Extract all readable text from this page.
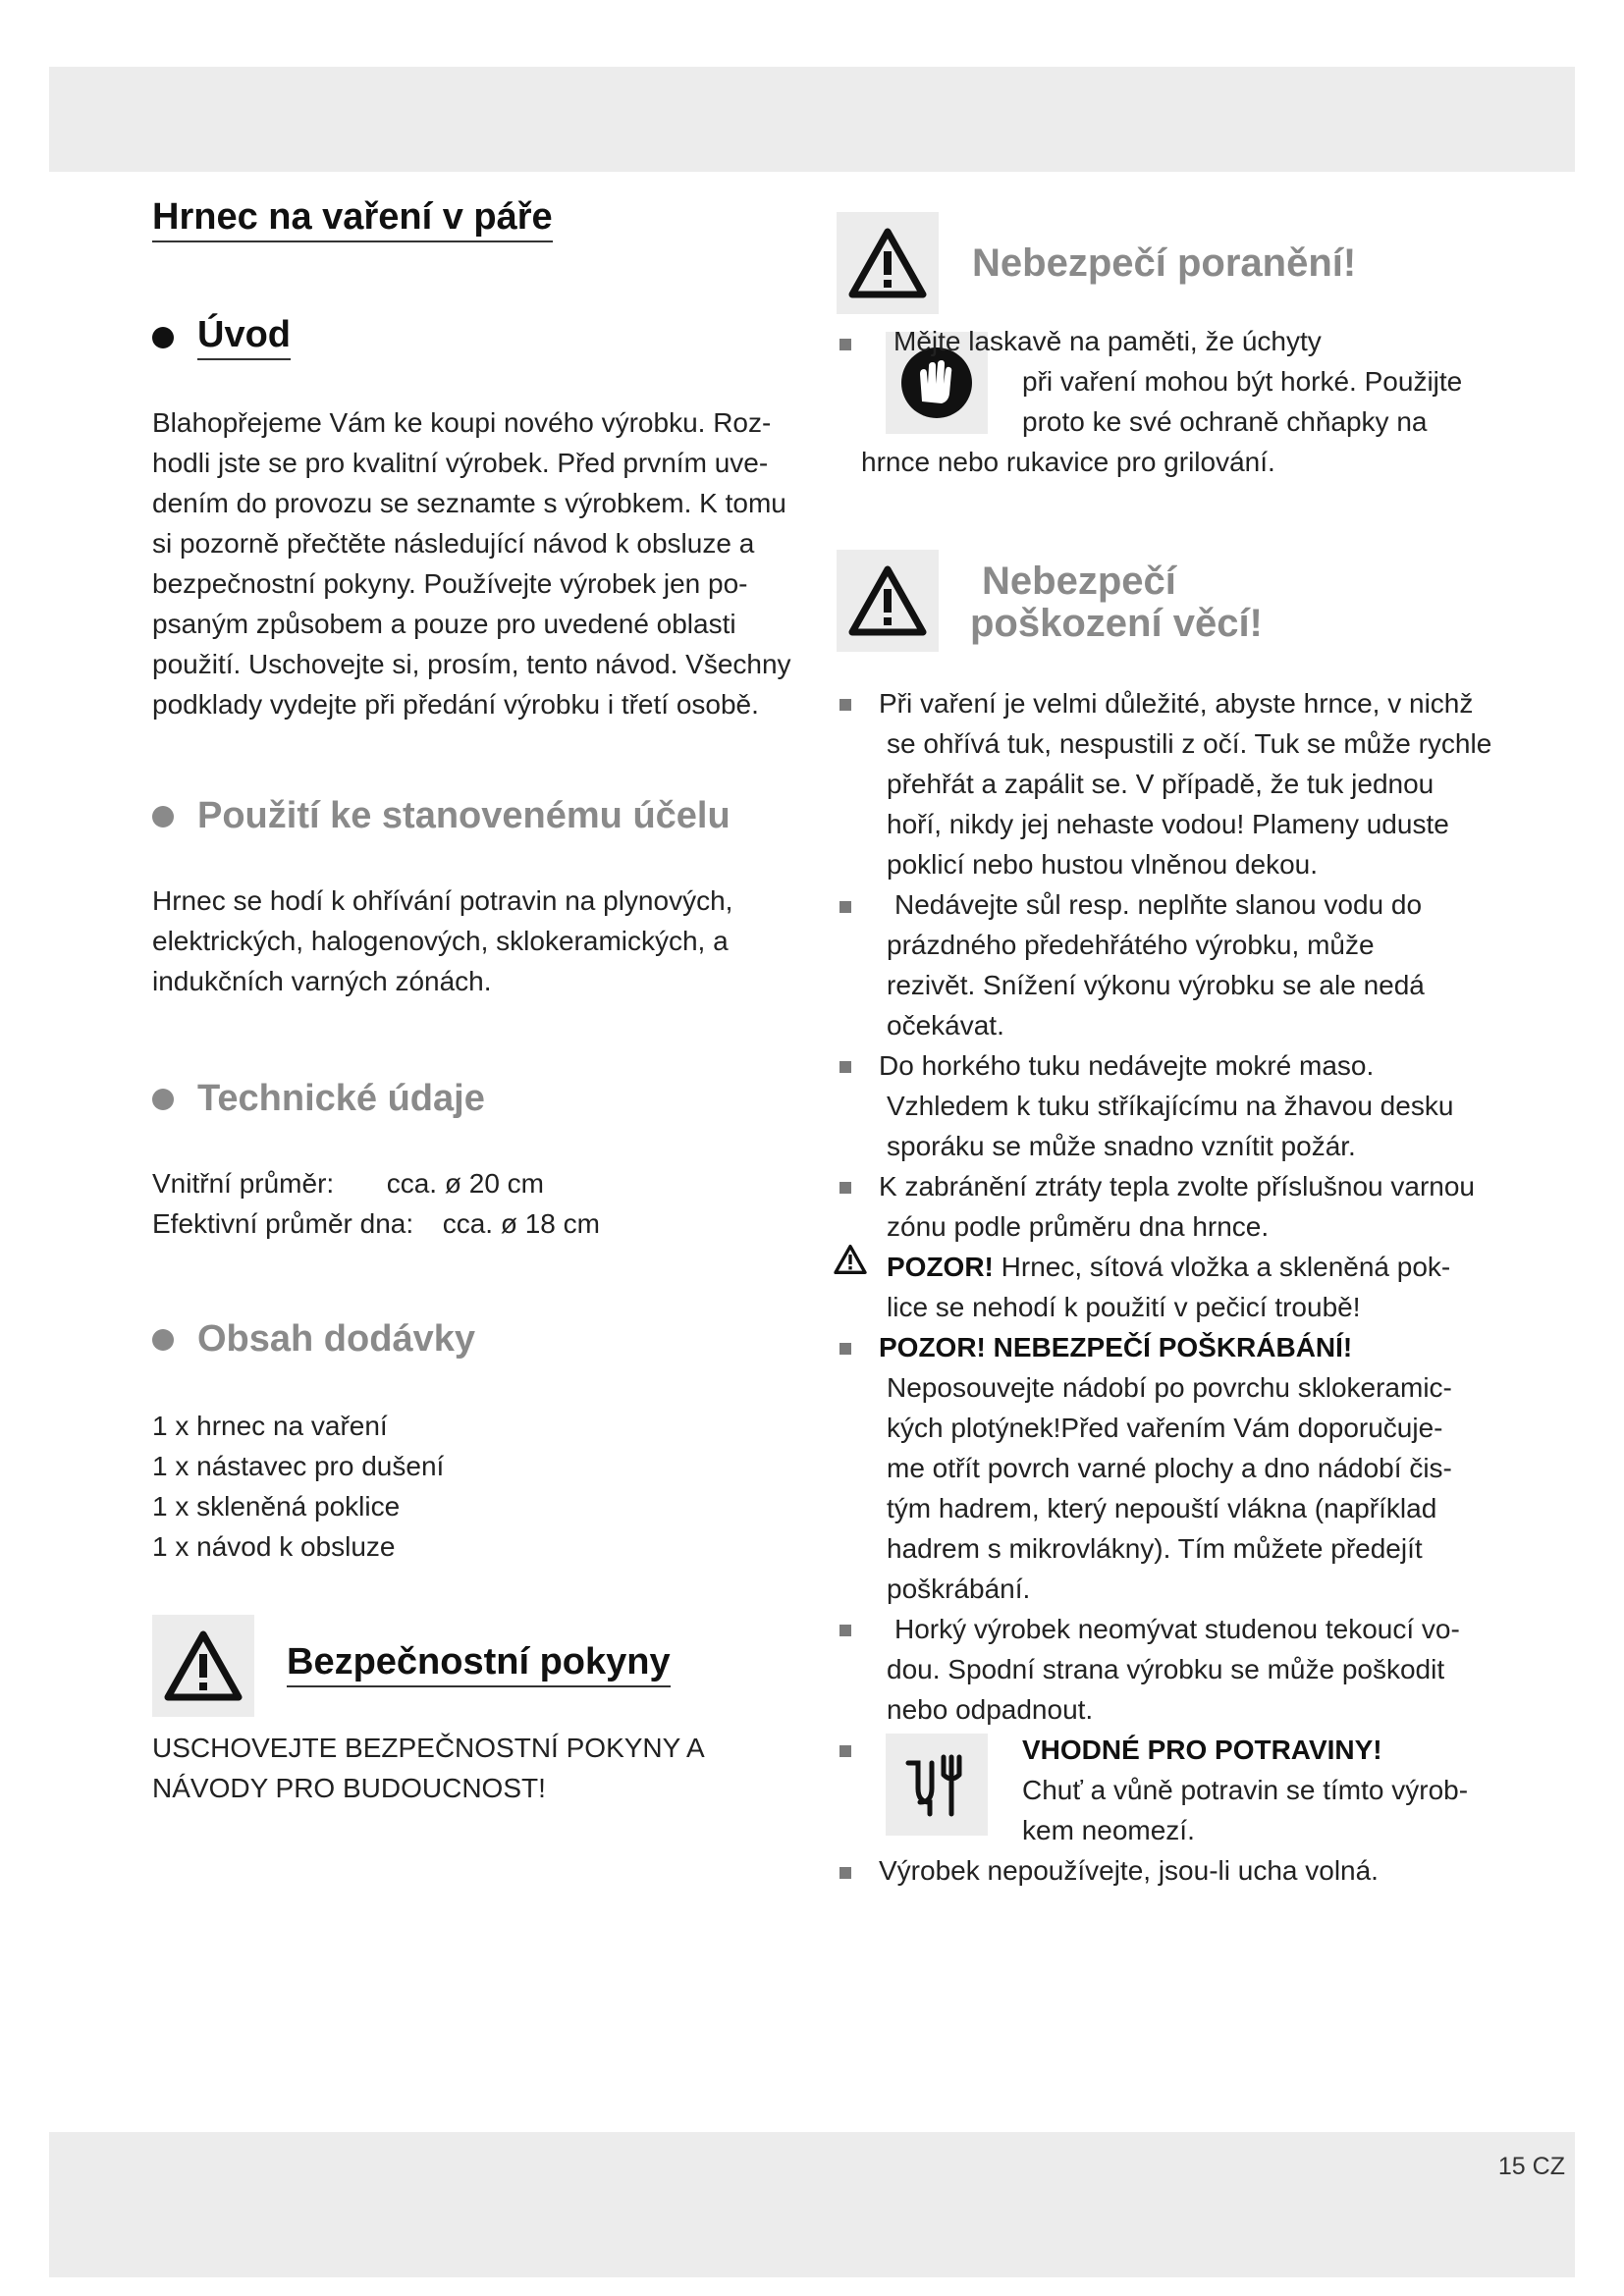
15 CZ
Hrnec na vaření v páře
Úvod
Blahopřejeme Vám ke koupi nového výrobku. Roz-
hodli jste se pro kvalitní výrobek. Před prvním uve-
dením do provozu se seznamte s výrobkem. K tomu
si pozorně přečtěte následující návod k obsluze a
bezpečnostní pokyny. Používejte výrobek jen po-
psaným způsobem a pouze pro uvedené oblasti
použití. Uschovejte si, prosím, tento návod. Všechny
podklady vydejte při předání výrobku i třetí osobě.
Použití ke stanovenému účelu
Hrnec se hodí k ohřívání potravin na plynových,
elektrických, halogenových, sklokeramických, a
indukčních varných zónách.
Technické údaje
Vnitřní průměr: cca. ø 20 cm
Efektivní průměr dna: cca. ø 18 cm
Obsah dodávky
1 x hrnec na vaření
1 x nástavec pro dušení
1 x skleněná poklice
1 x návod k obsluze
Bezpečnostní pokyny
USCHOVEJTE BEZPEČNOSTNÍ POKYNY A
NÁVODY PRO BUDOUCNOST!
Nebezpečí poranění!
Mějte laskavě na paměti, že úchyty
při vaření mohou být horké. Použijte
proto ke své ochraně chňapky na
hrnce nebo rukavice pro grilování.
Nebezpečí
poškození věcí!
Při vaření je velmi důležité, abyste hrnce, v nichž
se ohřívá tuk, nespustili z očí. Tuk se může rychle
přehřát a zapálit se. V případě, že tuk jednou
hoří, nikdy jej nehaste vodou! Plameny uduste
poklicí nebo hustou vlněnou dekou.
Nedávejte sůl resp. neplňte slanou vodu do
prázdného předehřátého výrobku, může
rezivět. Snížení výkonu výrobku se ale nedá
očekávat.
Do horkého tuku nedávejte mokré maso.
Vzhledem k tuku stříkajícímu na žhavou desku
sporáku se může snadno vznítit požár.
K zabránění ztráty tepla zvolte příslušnou varnou
zónu podle průměru dna hrnce.
POZOR! Hrnec, sítová vložka a skleněná pok-
lice se nehodí k použití v pečicí troubě!
POZOR! NEBEZPEČÍ POŠKRÁBÁNÍ!
Neposouvejte nádobí po povrchu sklokeramic-
kých plotýnek!Před vařením Vám doporučuje-
me otřít povrch varné plochy a dno nádobí čis-
tým hadrem, který nepouští vlákna (například
hadrem s mikrovlákny). Tím můžete předejít
poškrábání.
Horký výrobek neomývat studenou tekoucí vo-
dou. Spodní strana výrobku se může poškodit
nebo odpadnout.
VHODNÉ PRO POTRAVINY!
Chuť a vůně potravin se tímto výrob-
kem neomezí.
Výrobek nepoužívejte, jsou-li ucha volná.
